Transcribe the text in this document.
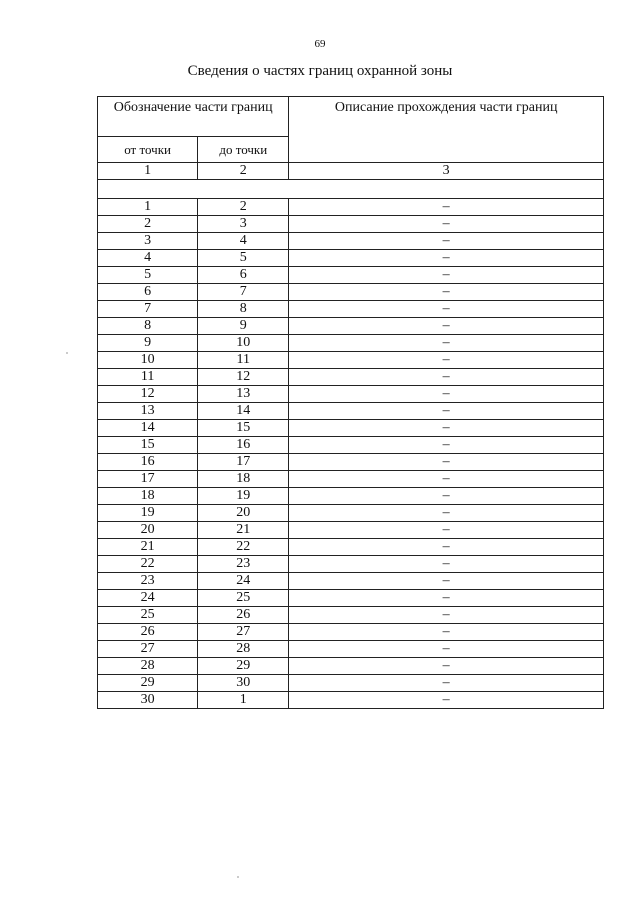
69
Сведения о частях границ охранной зоны
Обозначение части границ		Описание прохождения части границ
от точки	до точки	
1	2	3

1	2	–
2	3	–
3	4	–
4	5	–
5	6	–
6	7	–
7	8	–
8	9	–
9	10	–
10	11	–
11	12	–
12	13	–
13	14	–
14	15	–
15	16	–
16	17	–
17	18	–
18	19	–
19	20	–
20	21	–
21	22	–
22	23	–
23	24	–
24	25	–
25	26	–
26	27	–
27	28	–
28	29	–
29	30	–
30	1	–
